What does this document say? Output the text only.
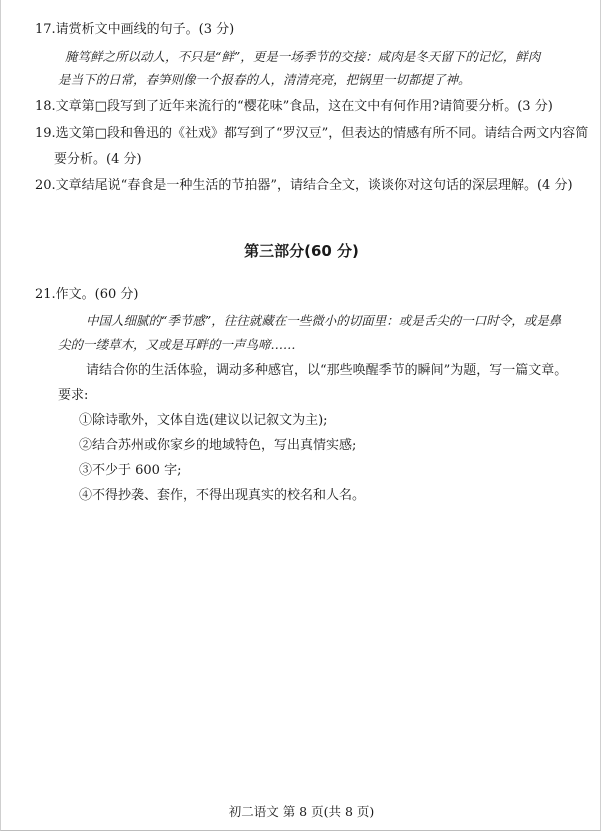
17.请赏析文中画线的句子。(3 分)
腌笃鲜之所以动人，不只是“鲜”，更是一场季节的交接：咸肉是冬天留下的记忆，鲜肉
是当下的日常，春笋则像一个报春的人，清清亮亮，把锅里一切都提了神。
18.文章第□段写到了近年来流行的“樱花味”食品，这在文中有何作用?请简要分析。(3 分)
19.选文第□段和鲁迅的《社戏》都写到了“罗汉豆”，但表达的情感有所不同。请结合两文内容简
要分析。(4 分)
20.文章结尾说“春食是一种生活的节拍器”，请结合全文，谈谈你对这句话的深层理解。(4 分)
第三部分(60 分)
21.作文。(60 分)
中国人细腻的“季节感”，往往就藏在一些微小的切面里：或是舌尖的一口时令，或是鼻
尖的一缕草木，又或是耳畔的一声鸟啼……
请结合你的生活体验，调动多种感官，以“那些唤醒季节的瞬间”为题，写一篇文章。
要求:
①除诗歌外，文体自选(建议以记叙文为主);
②结合苏州或你家乡的地域特色，写出真情实感;
③不少于 600 字;
④不得抄袭、套作，不得出现真实的校名和人名。
初二语文 第 8 页(共 8 页)
